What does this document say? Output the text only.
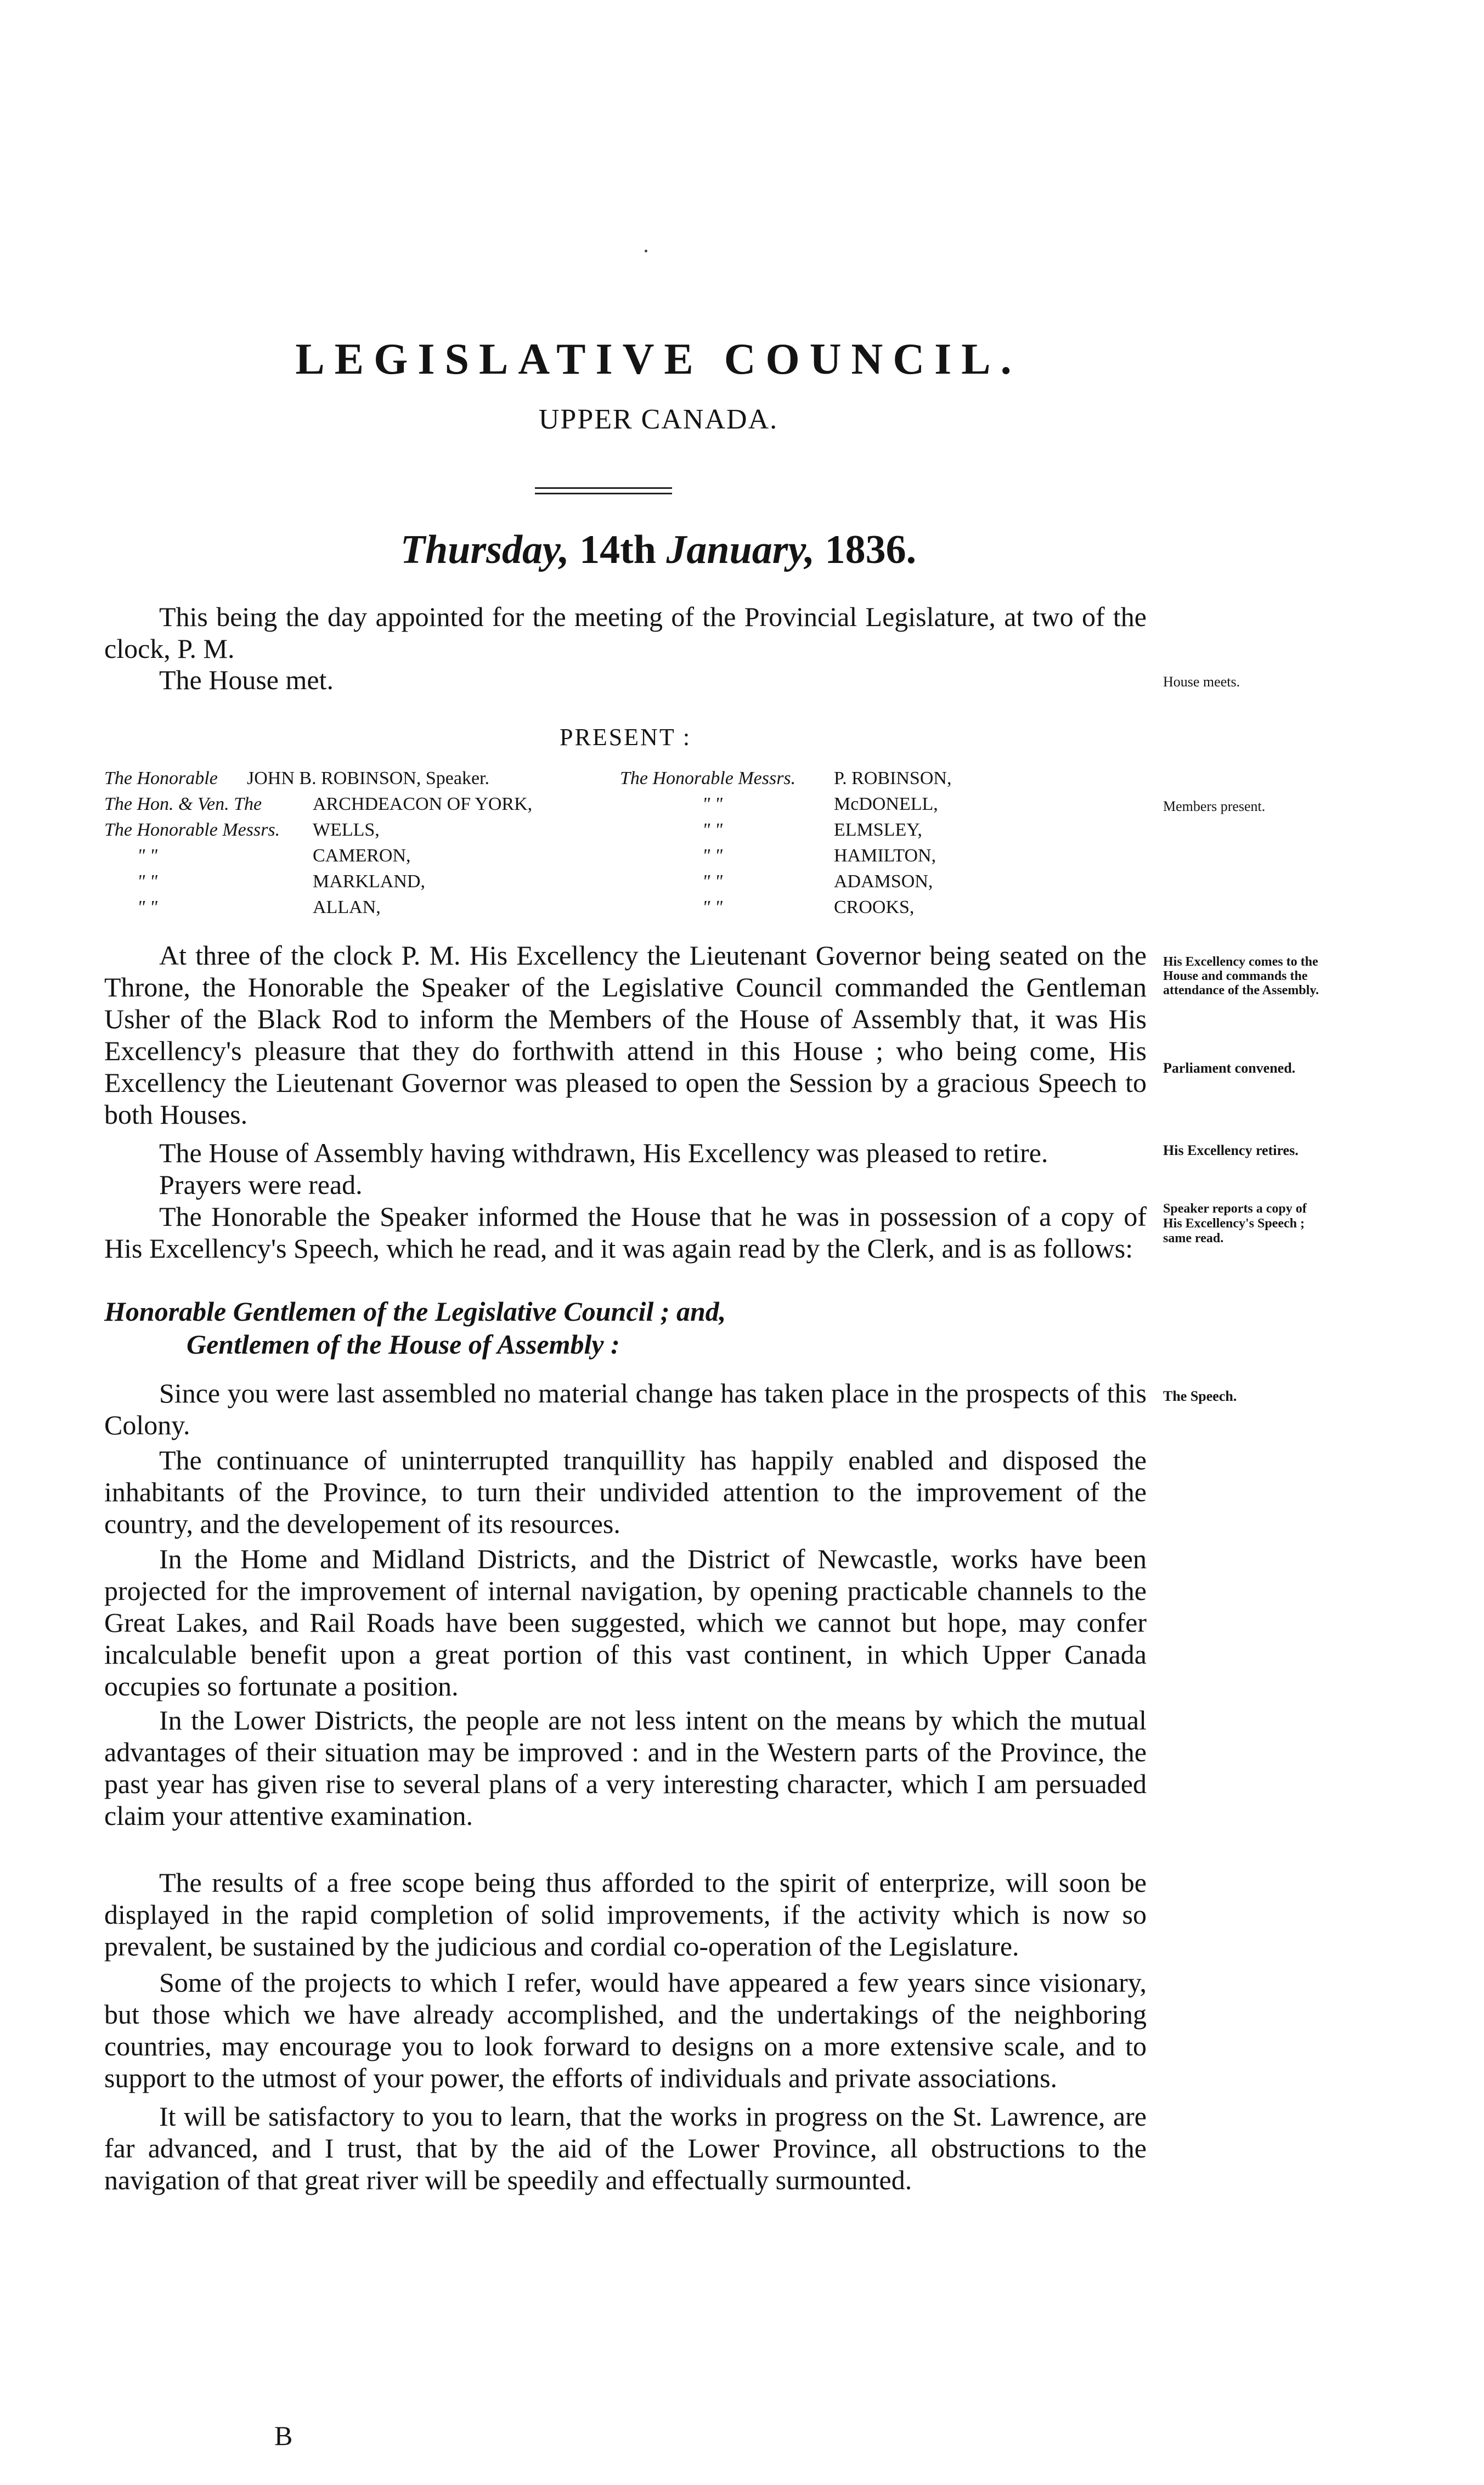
LEGISLATIVE COUNCIL.
UPPER CANADA.
Thursday, 14th January, 1836.
This being the day appointed for the meeting of the Provincial Legislature, at two of the clock, P. M.
The House met.
PRESENT :
The Honorable JOHN B. ROBINSON, Speaker.
The Hon. & Ven. The	ARCHDEACON OF YORK,
The Honorable Messrs. WELLS,
" "	CAMERON,
" "	MARKLAND,
" "	ALLAN,
The Honorable Messrs. P. ROBINSON,
" "	McDONELL,
" "	ELMSLEY,
" "	HAMILTON,
" "	ADAMSON,
" "	CROOKS,
At three of the clock P. M. His Excellency the Lieutenant Governor being seated on the Throne, the Honorable the Speaker of the Legislative Council commanded the Gentleman Usher of the Black Rod to inform the Members of the House of Assembly that, it was His Excellency's pleasure that they do forthwith attend in this House ; who being come, His Excellency the Lieutenant Governor was pleased to open the Session by a gracious Speech to both Houses.
The House of Assembly having withdrawn, His Excellency was pleased to retire.
Prayers were read.
The Honorable the Speaker informed the House that he was in possession of a copy of His Excellency's Speech, which he read, and it was again read by the Clerk, and is as follows:
Honorable Gentlemen of the Legislative Council ; and,
Gentlemen of the House of Assembly :
Since you were last assembled no material change has taken place in the prospects of this Colony.
The continuance of uninterrupted tranquillity has happily enabled and disposed the inhabitants of the Province, to turn their undivided attention to the improvement of the country, and the developement of its resources.
In the Home and Midland Districts, and the District of Newcastle, works have been projected for the improvement of internal navigation, by opening practicable channels to the Great Lakes, and Rail Roads have been suggested, which we cannot but hope, may confer incalculable benefit upon a great portion of this vast continent, in which Upper Canada occupies so fortunate a position.
In the Lower Districts, the people are not less intent on the means by which the mutual advantages of their situation may be improved : and in the Western parts of the Province, the past year has given rise to several plans of a very interesting character, which I am persuaded claim your attentive examination.
The results of a free scope being thus afforded to the spirit of enterprize, will soon be displayed in the rapid completion of solid improvements, if the activity which is now so prevalent, be sustained by the judicious and cordial co-operation of the Legislature.
Some of the projects to which I refer, would have appeared a few years since visionary, but those which we have already accomplished, and the undertakings of the neighboring countries, may encourage you to look forward to designs on a more extensive scale, and to support to the utmost of your power, the efforts of individuals and private associations.
It will be satisfactory to you to learn, that the works in progress on the St. Lawrence, are far advanced, and I trust, that by the aid of the Lower Province, all obstructions to the navigation of that great river will be speedily and effectually surmounted.
B
House meets.
Members present.
His Excellency comes to the House and commands the attendance of the Assembly.
Parliament convened.
His Excellency retires.
Speaker reports a copy of His Excellency's Speech ; same read.
The Speech.
